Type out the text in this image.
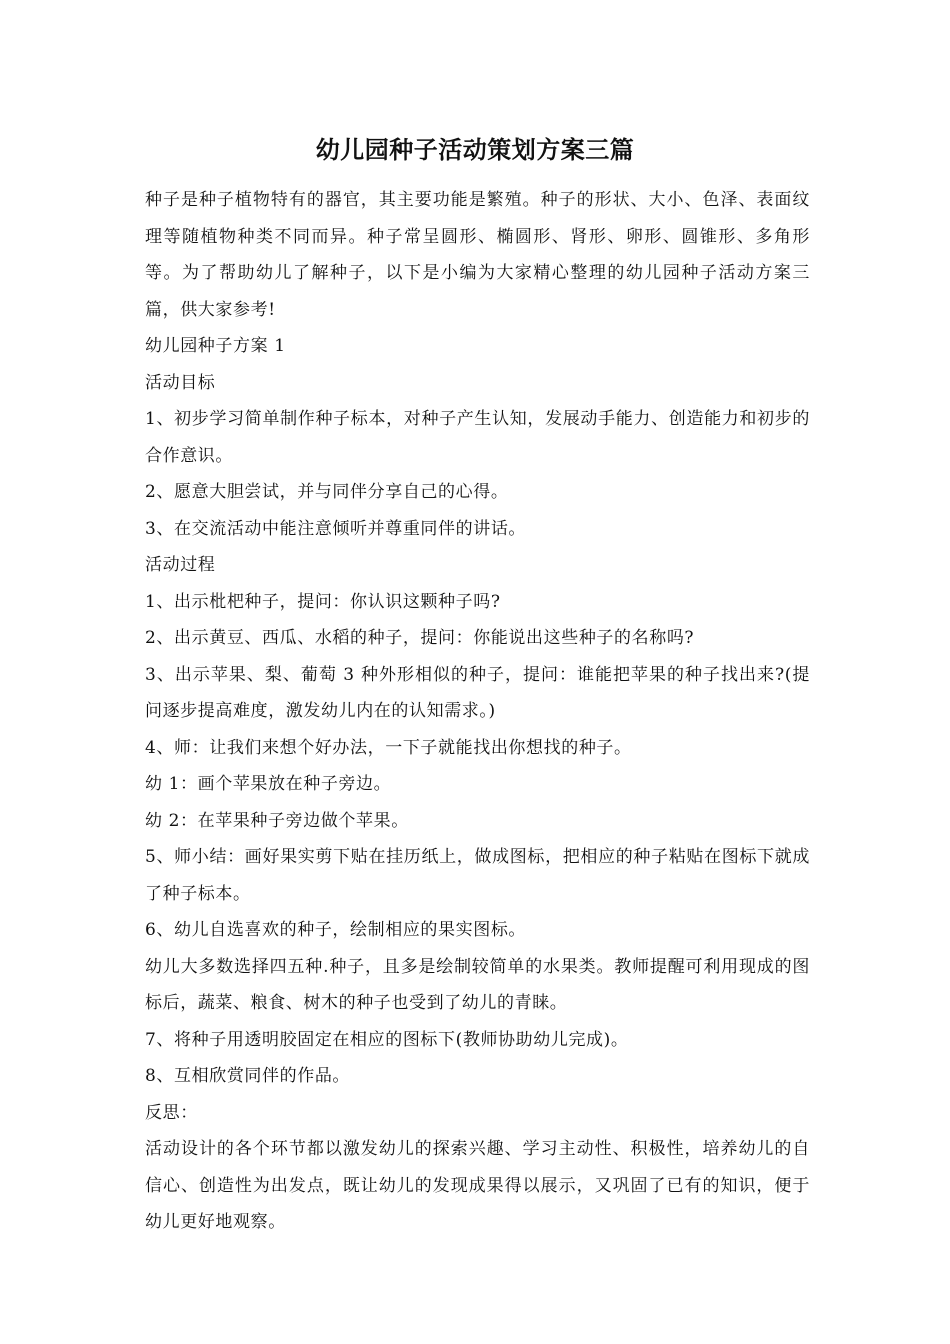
幼儿园种子活动策划方案三篇

种子是种子植物特有的器官，其主要功能是繁殖。种子的形状、大小、色泽、表面纹理等随植物种类不同而异。种子常呈圆形、椭圆形、肾形、卵形、圆锥形、多角形等。为了帮助幼儿了解种子，以下是小编为大家精心整理的幼儿园种子活动方案三篇，供大家参考!

幼儿园种子方案 1

活动目标

1、初步学习简单制作种子标本，对种子产生认知，发展动手能力、创造能力和初步的合作意识。

2、愿意大胆尝试，并与同伴分享自己的心得。

3、在交流活动中能注意倾听并尊重同伴的讲话。

活动过程

1、出示枇杷种子，提问：你认识这颗种子吗?

2、出示黄豆、西瓜、水稻的种子，提问：你能说出这些种子的名称吗?

3、出示苹果、梨、葡萄 3 种外形相似的种子，提问：谁能把苹果的种子找出来?(提问逐步提高难度，激发幼儿内在的认知需求。)

4、师：让我们来想个好办法，一下子就能找出你想找的种子。

幼 1：画个苹果放在种子旁边。

幼 2：在苹果种子旁边做个苹果。

5、师小结：画好果实剪下贴在挂历纸上，做成图标，把相应的种子粘贴在图标下就成了种子标本。

6、幼儿自选喜欢的种子，绘制相应的果实图标。

幼儿大多数选择四五种.种子，且多是绘制较简单的水果类。教师提醒可利用现成的图标后，蔬菜、粮食、树木的种子也受到了幼儿的青睐。

7、将种子用透明胶固定在相应的图标下(教师协助幼儿完成)。

8、互相欣赏同伴的作品。

反思：

活动设计的各个环节都以激发幼儿的探索兴趣、学习主动性、积极性，培养幼儿的自信心、创造性为出发点，既让幼儿的发现成果得以展示，又巩固了已有的知识，便于幼儿更好地观察。
